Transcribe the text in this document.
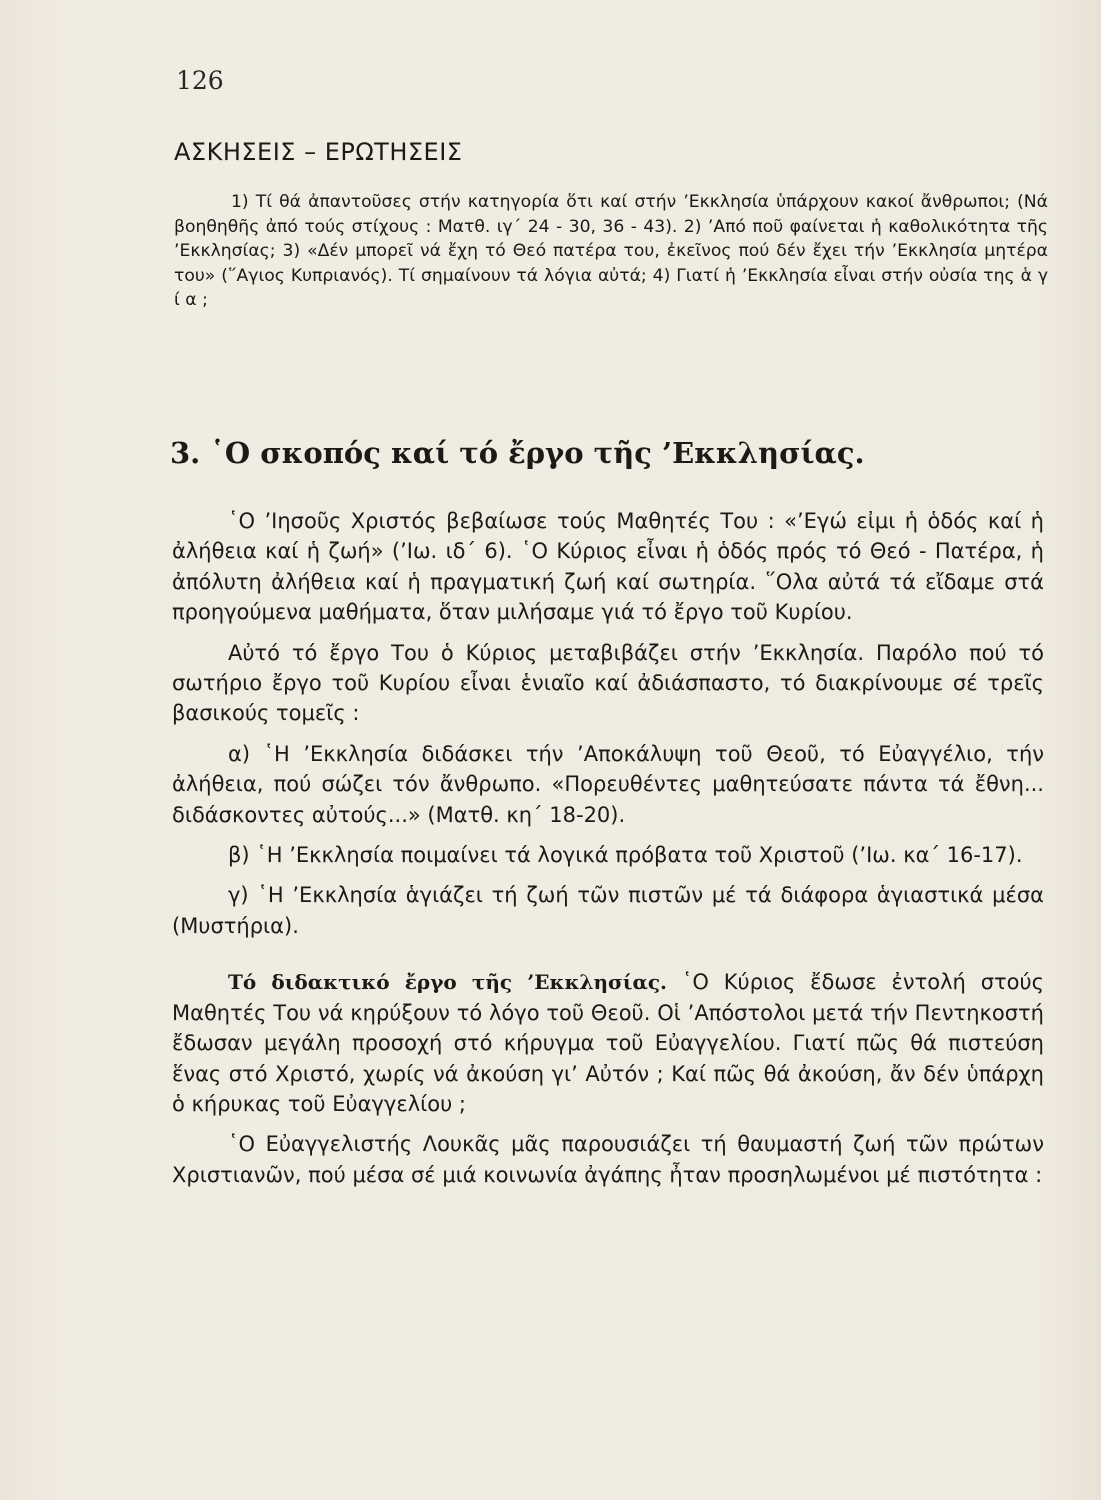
126
ΑΣΚΗΣΕΙΣ – ΕΡΩΤΗΣΕΙΣ

1) Τί θά ἀπαντοῦσες στήν κατηγορία ὅτι καί στήν ’Εκκλησία ὑπάρχουν κακοί ἄνθρωποι; (Νά βοηθηθῆς ἀπό τούς στίχους : Ματθ. ιγ΄ 24 - 30, 36 - 43). 2) ’Από ποῦ φαίνεται ἡ καθολικότητα τῆς ’Εκκλησίας; 3) «Δέν μπορεῖ νά ἔχη τό Θεό πατέρα του, ἐκεῖνος πού δέν ἔχει τήν ’Εκκλησία μητέρα του» (῞Αγιος Κυπριανός). Τί σημαίνουν τά λόγια αὐτά; 4) Γιατί ἡ ’Εκκλησία εἶναι στήν οὐσία της ἁ γ ί α ;

3. ῾Ο σκοπός καί τό ἔργο τῆς ’Εκκλησίας.

῾Ο ’Ιησοῦς Χριστός βεβαίωσε τούς Μαθητές Του : «’Εγώ εἰμι ἡ ὁδός καί ἡ ἀλήθεια καί ἡ ζωή» (’Ιω. ιδ΄ 6). ῾Ο Κύριος εἶναι ἡ ὁδός πρός τό Θεό - Πατέρα, ἡ ἀπόλυτη ἀλήθεια καί ἡ πραγματική ζωή καί σωτηρία. ῞Ολα αὐτά τά εἴδαμε στά προηγούμενα μαθήματα, ὅταν μιλήσαμε γιά τό ἔργο τοῦ Κυρίου.

Αὐτό τό ἔργο Του ὁ Κύριος μεταβιβάζει στήν ’Εκκλησία. Παρόλο πού τό σωτήριο ἔργο τοῦ Κυρίου εἶναι ἑνιαῖο καί ἀδιάσπαστο, τό διακρίνουμε σέ τρεῖς βασικούς τομεῖς :

α) ῾Η ’Εκκλησία διδάσκει τήν ’Αποκάλυψη τοῦ Θεοῦ, τό Εὐαγγέλιο, τήν ἀλήθεια, πού σώζει τόν ἄνθρωπο. «Πορευθέντες μαθητεύσατε πάντα τά ἔθνη... διδάσκοντες αὐτούς...» (Ματθ. κη΄ 18-20).

β) ῾Η ’Εκκλησία ποιμαίνει τά λογικά πρόβατα τοῦ Χριστοῦ (’Ιω. κα΄ 16-17).

γ) ῾Η ’Εκκλησία ἁγιάζει τή ζωή τῶν πιστῶν μέ τά διάφορα ἁγιαστικά μέσα (Μυστήρια).

Τό διδακτικό ἔργο τῆς ’Εκκλησίας. ῾Ο Κύριος ἔδωσε ἐντολή στούς Μαθητές Του νά κηρύξουν τό λόγο τοῦ Θεοῦ. Οἱ ’Απόστολοι μετά τήν Πεντηκοστή ἔδωσαν μεγάλη προσοχή στό κήρυγμα τοῦ Εὐαγγελίου. Γιατί πῶς θά πιστεύση ἕνας στό Χριστό, χωρίς νά ἀκούση γι’ Αὐτόν ; Καί πῶς θά ἀκούση, ἄν δέν ὑπάρχη ὁ κήρυκας τοῦ Εὐαγγελίου ;

῾Ο Εὐαγγελιστής Λουκᾶς μᾶς παρουσιάζει τή θαυμαστή ζωή τῶν πρώτων Χριστιανῶν, πού μέσα σέ μιά κοινωνία ἀγάπης ἦταν προσηλωμένοι μέ πιστότητα :
